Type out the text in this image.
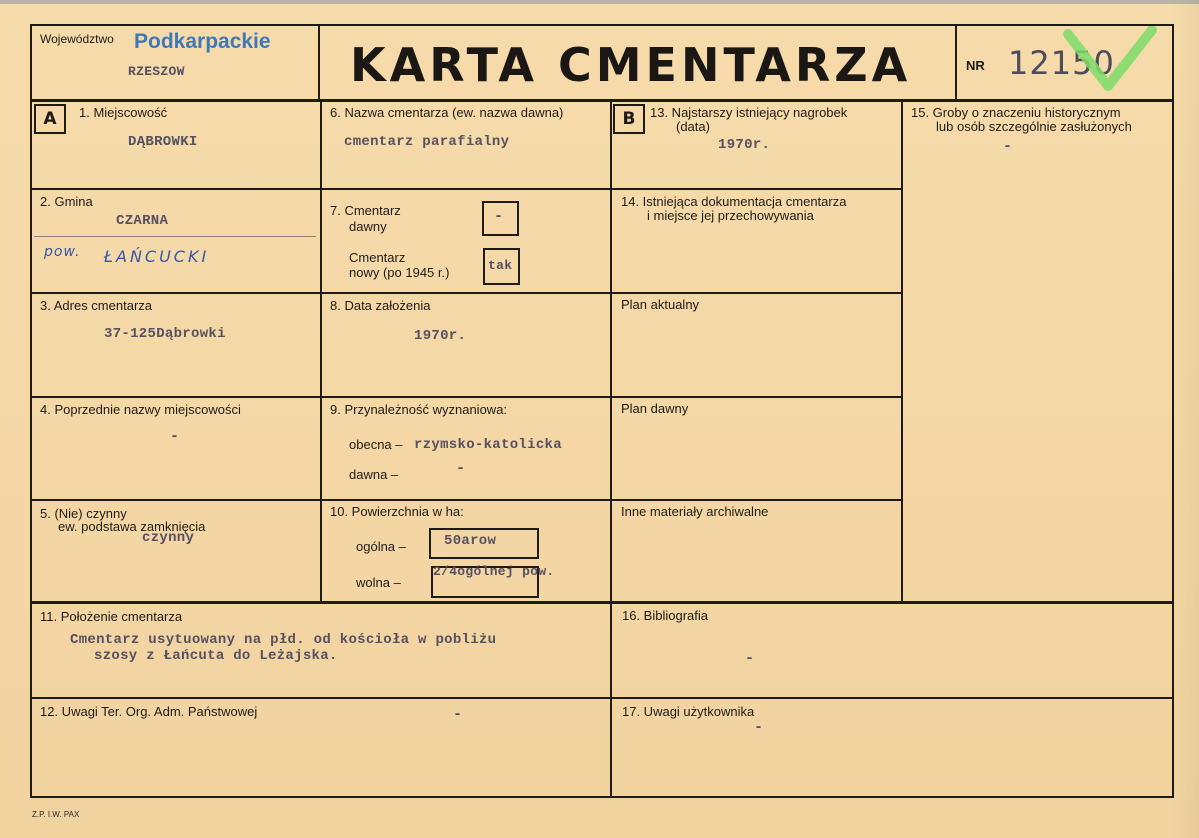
Województwo Podkarpackie
RZESZOW	KARTA CMENTARZA	NR 12150
A	B
1. Miejscowość
DĄBROWKI
2. Gmina
CZARNA
pow. ŁAŃCUCKI
3. Adres cmentarza
37-125Dąbrowki
4. Poprzednie nazwy miejscowości
-
5. (Nie) czynny
ew. podstawa zamknięcia
czynny
6. Nazwa cmentarza (ew. nazwa dawna)
cmentarz parafialny
7. Cmentarz
dawny
-
Cmentarz
nowy (po 1945 r.)	tak
8. Data założenia
1970r.
9. Przynależność wyznaniowa:
obecna – rzymsko-katolicka
dawna –	-
10. Powierzchnia w ha:
ogólna –	50arow
wolna –
2/4ogólnej pow.
13. Najstarszy istniejący nagrobek
(data)
1970r.
14. Istniejąca dokumentacja cmentarza
i miejsce jej przechowywania
Plan aktualny
Plan dawny
Inne materiały archiwalne
15. Groby o znaczeniu historycznym
lub osób szczególnie zasłużonych
-
11. Położenie cmentarza
Cmentarz usytuowany na płd. od kościoła w pobliżu
szosy z Łańcuta do Leżajska.
16. Bibliografia
-
12. Uwagi Ter. Org. Adm. Państwowej	-	17. Uwagi użytkownika
-
Z.P. I.W. PAX
